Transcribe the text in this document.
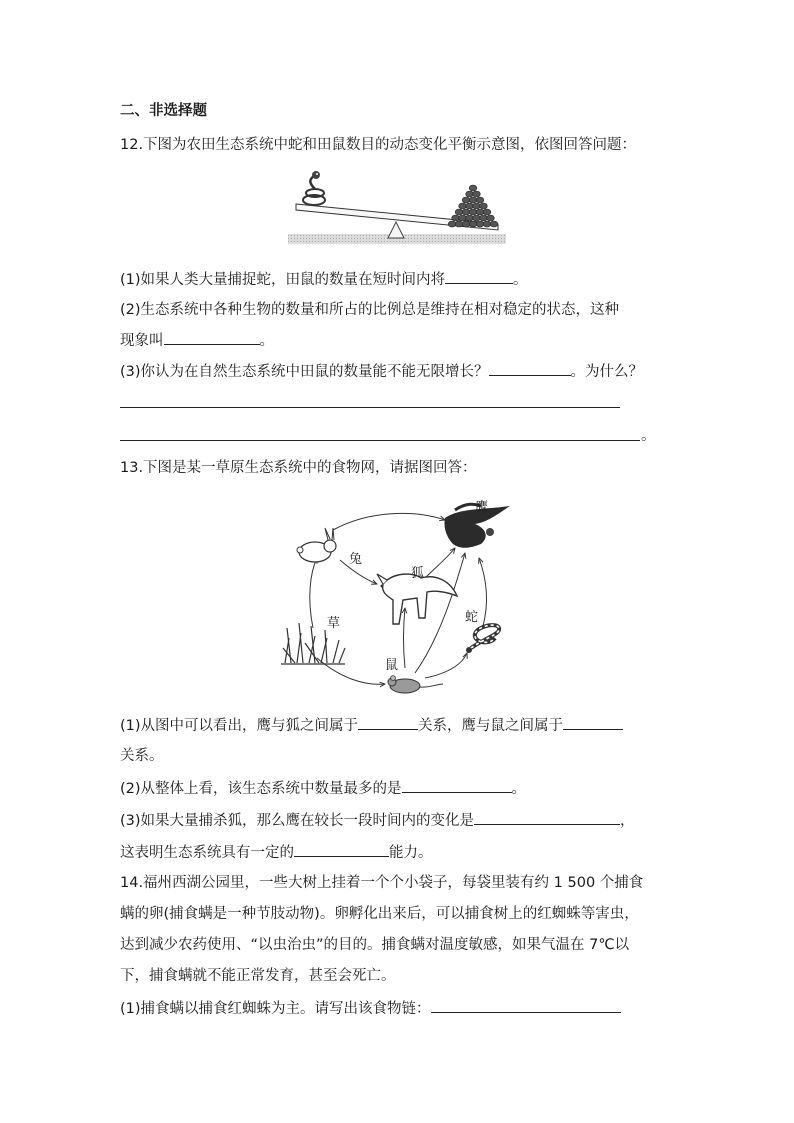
二、非选择题
12.下图为农田生态系统中蛇和田鼠数目的动态变化平衡示意图，依图回答问题：
(1)如果人类大量捕捉蛇，田鼠的数量在短时间内将	。
(2)生态系统中各种生物的数量和所占的比例总是维持在相对稳定的状态，这种
现象叫	。
(3)你认为在自然生态系统中田鼠的数量能不能无限增长？	。为什么？
。
13.下图是某一草原生态系统中的食物网，请据图回答：
鹰
兔
狐
草	蛇
鼠
(1)从图中可以看出，鹰与狐之间属于	关系，鹰与鼠之间属于
关系。
(2)从整体上看，该生态系统中数量最多的是	。
(3)如果大量捕杀狐，那么鹰在较长一段时间内的变化是	，
这表明生态系统具有一定的	能力。
14.福州西湖公园里，一些大树上挂着一个个小袋子，每袋里装有约 1 500 个捕食
螨的卵(捕食螨是一种节肢动物)。卵孵化出来后，可以捕食树上的红蜘蛛等害虫，
达到减少农药使用、“以虫治虫”的目的。捕食螨对温度敏感，如果气温在 7℃以
下，捕食螨就不能正常发育，甚至会死亡。
(1)捕食螨以捕食红蜘蛛为主。请写出该食物链：
